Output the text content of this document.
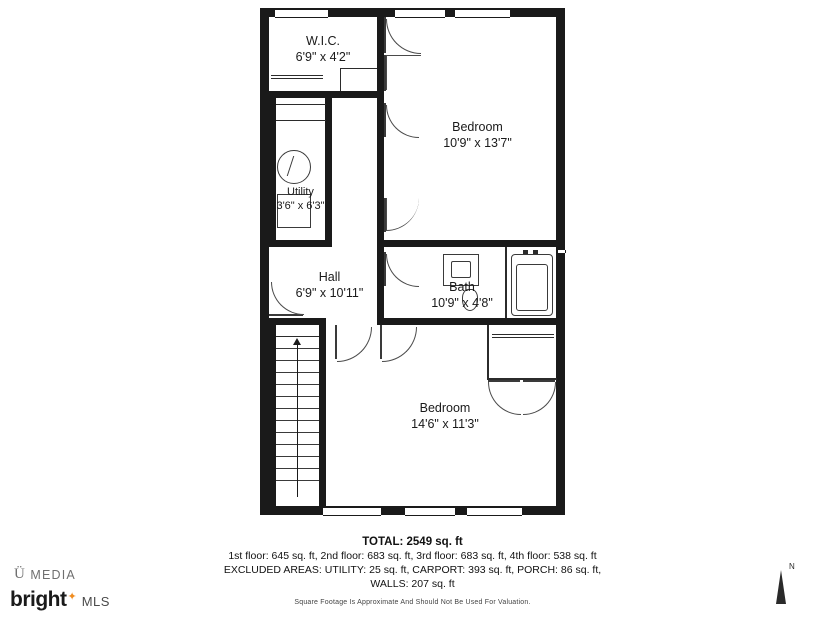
W.I.C.
6'9" x 4'2"
Utility
3'6" x 6'3"
Bedroom
10'9" x 13'7"
Hall
6'9" x 10'11"	Bath
10'9" x 4'8"
Bedroom
14'6" x 11'3"
TOTAL: 2549 sq. ft
1st floor: 645 sq. ft, 2nd floor: 683 sq. ft, 3rd floor: 683 sq. ft, 4th floor: 538 sq. ft
EXCLUDED AREAS: UTILITY: 25 sq. ft, CARPORT: 393 sq. ft, PORCH: 86 sq. ft,
WALLS: 207 sq. ft
Square Footage Is Approximate And Should Not Be Used For Valuation.
Ü MEDIA
bright ✦ MLS
N
